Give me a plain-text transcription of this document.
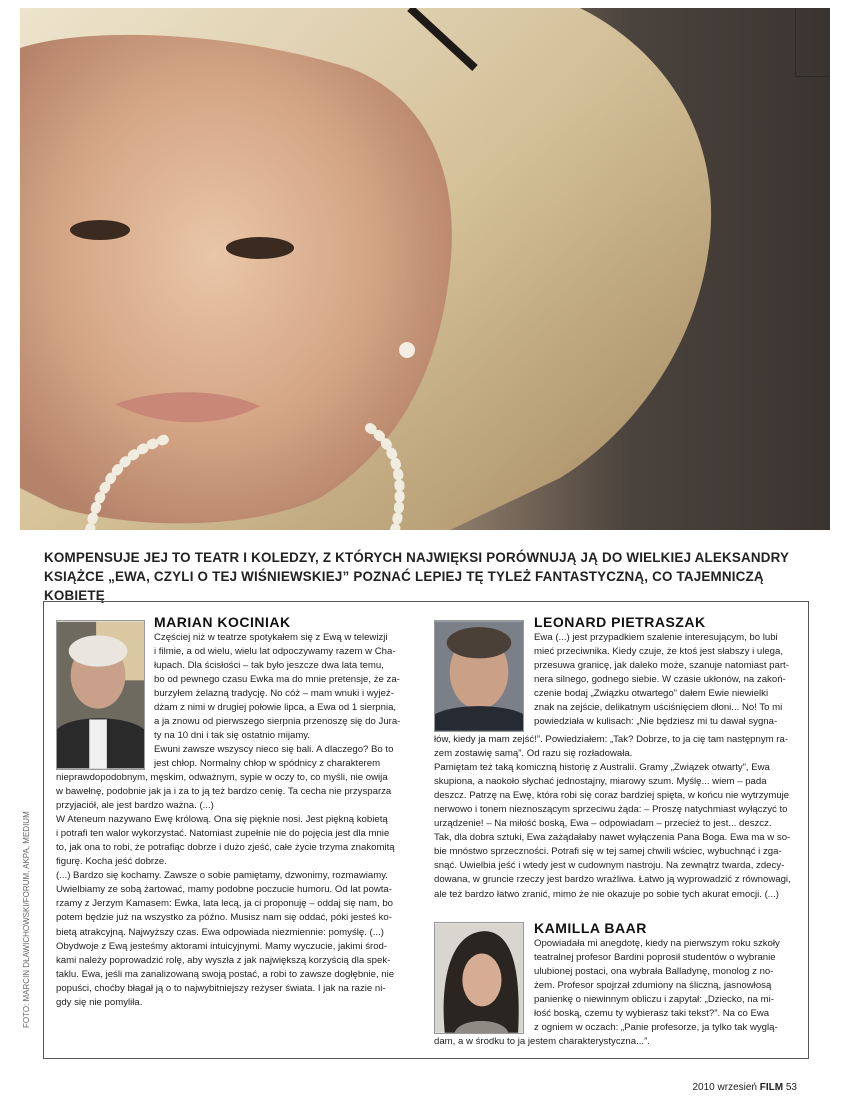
KOMPENSUJE JEJ TO TEATR I KOLEDZY, Z KTÓRYCH NAJWIĘKSI PORÓWNUJĄ JĄ DO WIELKIEJ ALEKSANDRY
KSIĄŻCE „EWA, CZYLI O TEJ WIŚNIEWSKIEJ” POZNAĆ LEPIEJ TĘ TYLEŻ FANTASTYCZNĄ, CO TAJEMNICZĄ KOBIETĘ
FOTO: MARCIN DŁAWICHOWSKI/FORUM, AKPA, MEDIUM
MARIAN KOCINIAK

Częściej niż w teatrze spotykałem się z Ewą w telewizji

i filmie, a od wielu, wielu lat odpoczywamy razem w Cha-

łupach. Dla ścisłości – tak było jeszcze dwa lata temu,

bo od pewnego czasu Ewka ma do mnie pretensje, że za-

burzyłem żelazną tradycję. No cóż – mam wnuki i wyjeż-

dżam z nimi w drugiej połowie lipca, a Ewa od 1 sierpnia,

a ja znowu od pierwszego sierpnia przenoszę się do Jura-

ty na 10 dni i tak się ostatnio mijamy.

Ewuni zawsze wszyscy nieco się bali. A dlaczego? Bo to

jest chłop. Normalny chłop w spódnicy z charakterem

nieprawdopodobnym, męskim, odważnym, sypie w oczy to, co myśli, nie owija

w bawełnę, podobnie jak ja i za to ją też bardzo cenię. Ta cecha nie przysparza

przyjaciół, ale jest bardzo ważna. (...)

W Ateneum nazywano Ewę królową. Ona się pięknie nosi. Jest piękną kobietą

i potrafi ten walor wykorzystać. Natomiast zupełnie nie do pojęcia jest dla mnie

to, jak ona to robi, że potrafiąc dobrze i dużo zjeść, całe życie trzyma znakomitą

figurę. Kocha jeść dobrze.

(...) Bardzo się kochamy. Zawsze o sobie pamiętamy, dzwonimy, rozmawiamy.

Uwielbiamy ze sobą żartować, mamy podobne poczucie humoru. Od lat powta-

rzamy z Jerzym Kamasem: Ewka, lata lecą, ja ci proponuję – oddaj się nam, bo

potem będzie już na wszystko za późno. Musisz nam się oddać, póki jesteś ko-

bietą atrakcyjną. Najwyższy czas. Ewa odpowiada niezmiennie: pomyślę. (...)

Obydwoje z Ewą jesteśmy aktorami intuicyjnymi. Mamy wyczucie, jakimi środ-

kami należy poprowadzić rolę, aby wyszła z jak największą korzyścią dla spek-

taklu. Ewa, jeśli ma zanalizowaną swoją postać, a robi to zawsze dogłębnie, nie

popuści, choćby błagał ją o to najwybitniejszy reżyser świata. I jak na razie ni-

gdy się nie pomyliła.

LEONARD PIETRASZAK

Ewa (...) jest przypadkiem szalenie interesującym, bo lubi

mieć przeciwnika. Kiedy czuje, że ktoś jest słabszy i ulega,

przesuwa granicę, jak daleko może, szanuje natomiast part-

nera silnego, godnego siebie. W czasie ukłonów, na zakoń-

czenie bodaj „Związku otwartego” dałem Ewie niewielki

znak na zejście, delikatnym uściśnięciem dłoni... No! To mi

powiedziała w kulisach: „Nie będziesz mi tu dawał sygna-

łów, kiedy ja mam zejść!”. Powiedziałem: „Tak? Dobrze, to ja cię tam następnym ra-

zem zostawię samą”. Od razu się rozładowała.

Pamiętam też taką komiczną historię z Australii. Gramy „Związek otwarty”, Ewa

skupiona, a naokoło słychać jednostajny, miarowy szum. Myślę... wiem – pada

deszcz. Patrzę na Ewę, która robi się coraz bardziej spięta, w końcu nie wytrzymuje

nerwowo i tonem nieznoszącym sprzeciwu żąda: – Proszę natychmiast wyłączyć to

urządzenie! – Na miłość boską, Ewa – odpowiadam – przecież to jest... deszcz.

Tak, dla dobra sztuki, Ewa zażądałaby nawet wyłączenia Pana Boga. Ewa ma w so-

bie mnóstwo sprzeczności. Potrafi się w tej samej chwili wściec, wybuchnąć i zga-

snąć. Uwielbia jeść i wtedy jest w cudownym nastroju. Na zewnątrz twarda, zdecy-

dowana, w gruncie rzeczy jest bardzo wrażliwa. Łatwo ją wyprowadzić z równowagi,

ale też bardzo łatwo zranić, mimo że nie okazuje po sobie tych akurat emocji. (...)

KAMILLA BAAR

Opowiadała mi anegdotę, kiedy na pierwszym roku szkoły

teatralnej profesor Bardini poprosił studentów o wybranie

ulubionej postaci, ona wybrała Balladynę, monolog z no-

żem. Profesor spojrzał zdumiony na śliczną, jasnowłosą

panienkę o niewinnym obliczu i zapytał: „Dziecko, na mi-

łość boską, czemu ty wybierasz taki tekst?”. Na co Ewa

z ogniem w oczach: „Panie profesorze, ja tylko tak wyglą-

dam, a w środku to ja jestem charakterystyczna...”.

2010 wrzesień FILM 53
